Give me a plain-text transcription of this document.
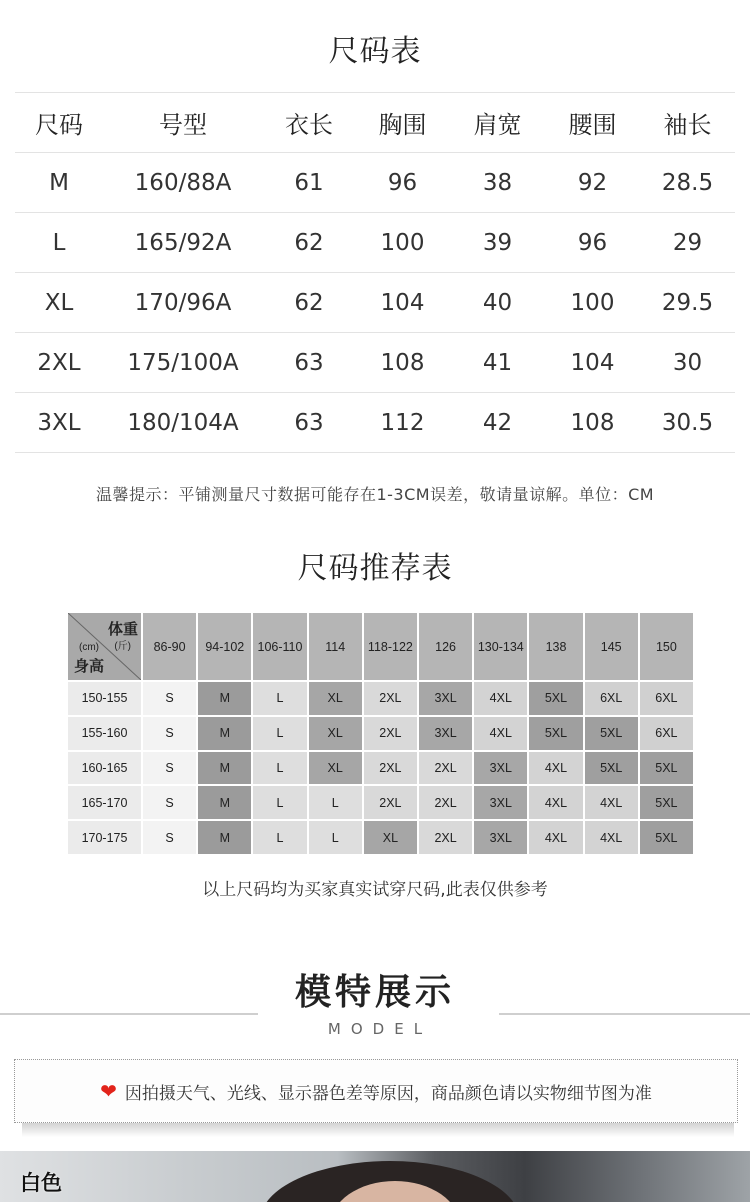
尺码表
尺码	号型	衣长	胸围	肩宽	腰围	袖长
M	160/88A	61	96	38	92	28.5
L	165/92A	62	100	39	96	29
XL	170/96A	62	104	40	100	29.5
2XL	175/100A	63	108	41	104	30
3XL	180/104A	63	112	42	108	30.5
温馨提示：平铺测量尺寸数据可能存在1-3CM误差，敬请量谅解。单位：CM
尺码推荐表
体重
(斤)
(cm)
身高
86-90	94-102	106-110	114	118-122	126	130-134	138	145	150
150-155	S	M	L	XL	2XL	3XL	4XL	5XL	6XL	6XL
155-160	S	M	L	XL	2XL	3XL	4XL	5XL	5XL	6XL
160-165	S	M	L	XL	2XL	2XL	3XL	4XL	5XL	5XL
165-170	S	M	L	L	2XL	2XL	3XL	4XL	4XL	5XL
170-175	S	M	L	L	XL	2XL	3XL	4XL	4XL	5XL
以上尺码均为买家真实试穿尺码,此表仅供参考
模特展示
MODEL
❤ 因拍摄天气、光线、显示器色差等原因，商品颜色请以实物细节图为准
白色
